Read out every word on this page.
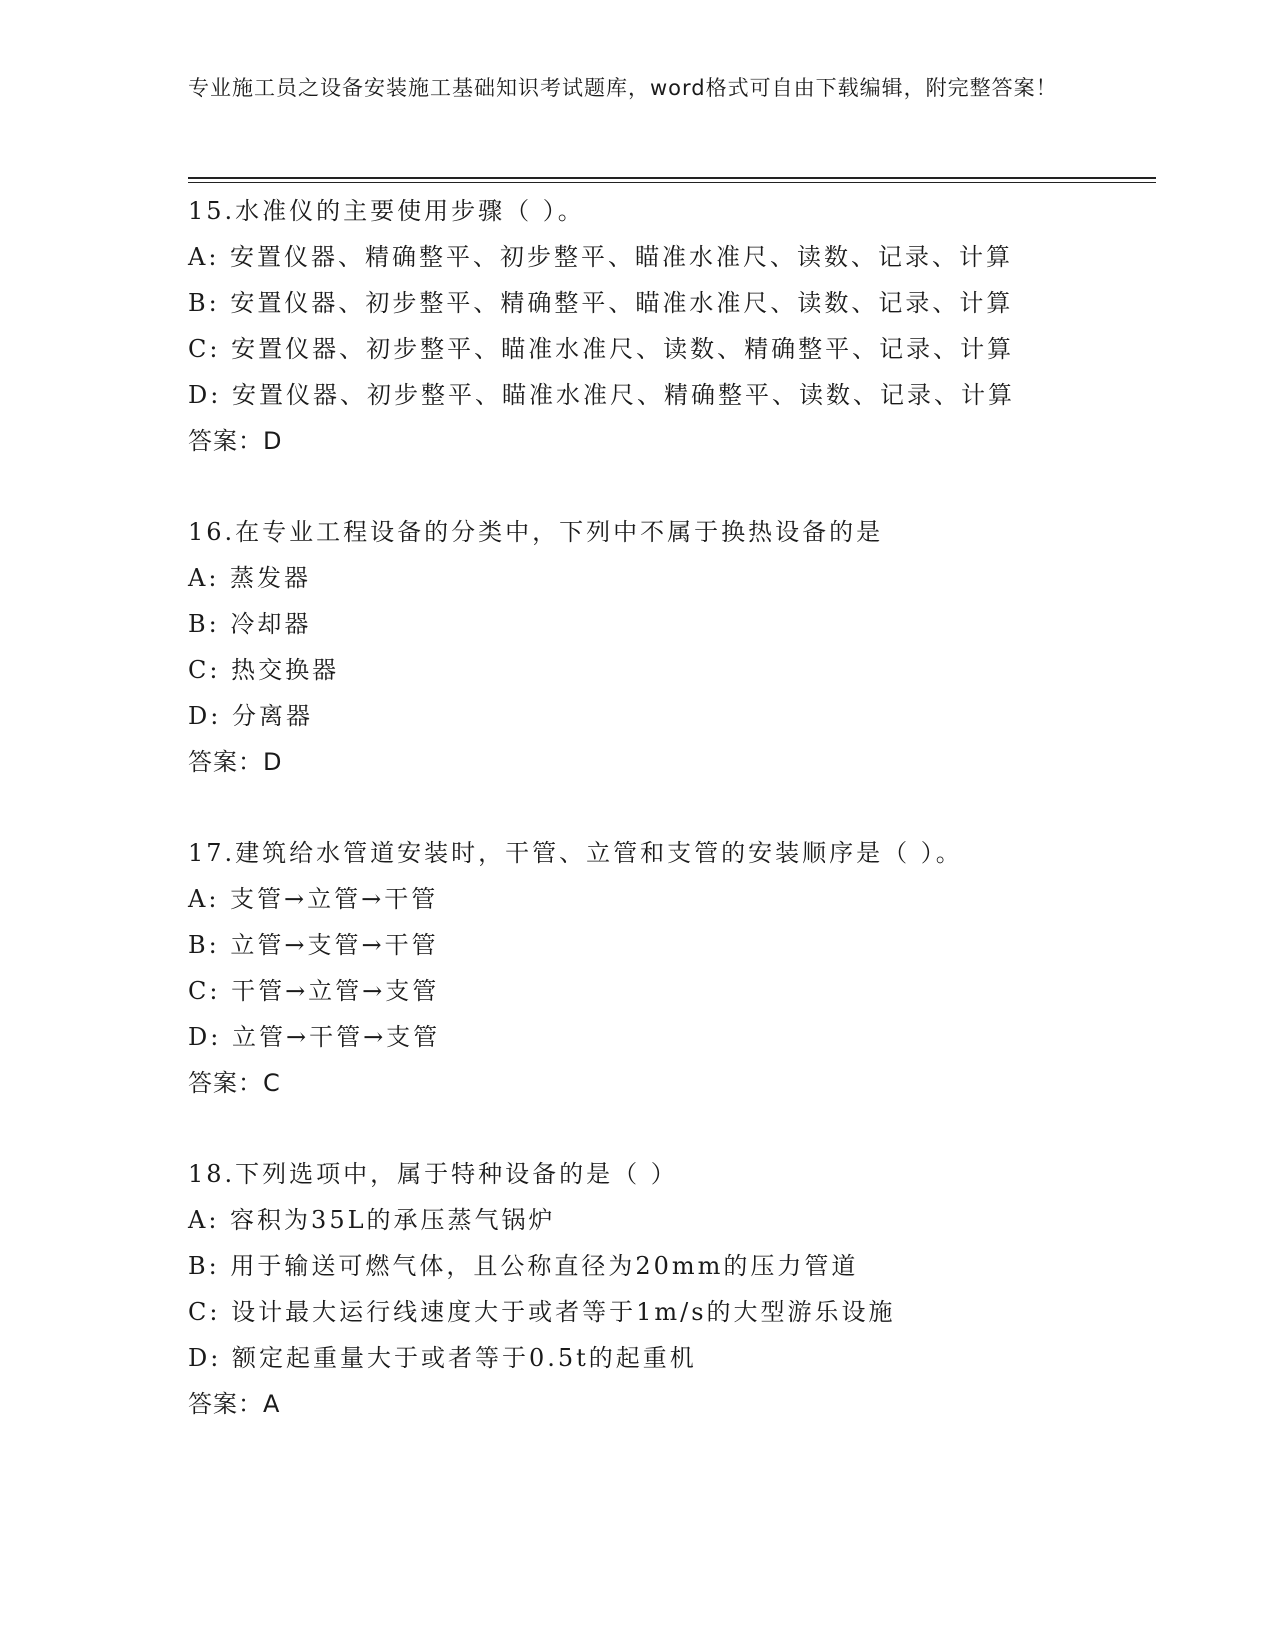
专业施工员之设备安装施工基础知识考试题库，word格式可自由下载编辑，附完整答案！
15.水准仪的主要使用步骤（ ）。
A: 安置仪器、精确整平、初步整平、瞄准水准尺、读数、记录、计算
B: 安置仪器、初步整平、精确整平、瞄准水准尺、读数、记录、计算
C: 安置仪器、初步整平、瞄准水准尺、读数、精确整平、记录、计算
D: 安置仪器、初步整平、瞄准水准尺、精确整平、读数、记录、计算
答案：D
16.在专业工程设备的分类中，下列中不属于换热设备的是
A: 蒸发器
B: 冷却器
C: 热交换器
D: 分离器
答案：D
17.建筑给水管道安装时，干管、立管和支管的安装顺序是（ ）。
A: 支管→立管→干管
B: 立管→支管→干管
C: 干管→立管→支管
D: 立管→干管→支管
答案：C
18.下列选项中，属于特种设备的是（ ）
A: 容积为35L的承压蒸气锅炉
B: 用于输送可燃气体，且公称直径为20mm的压力管道
C: 设计最大运行线速度大于或者等于1m/s的大型游乐设施
D: 额定起重量大于或者等于0.5t的起重机
答案：A
